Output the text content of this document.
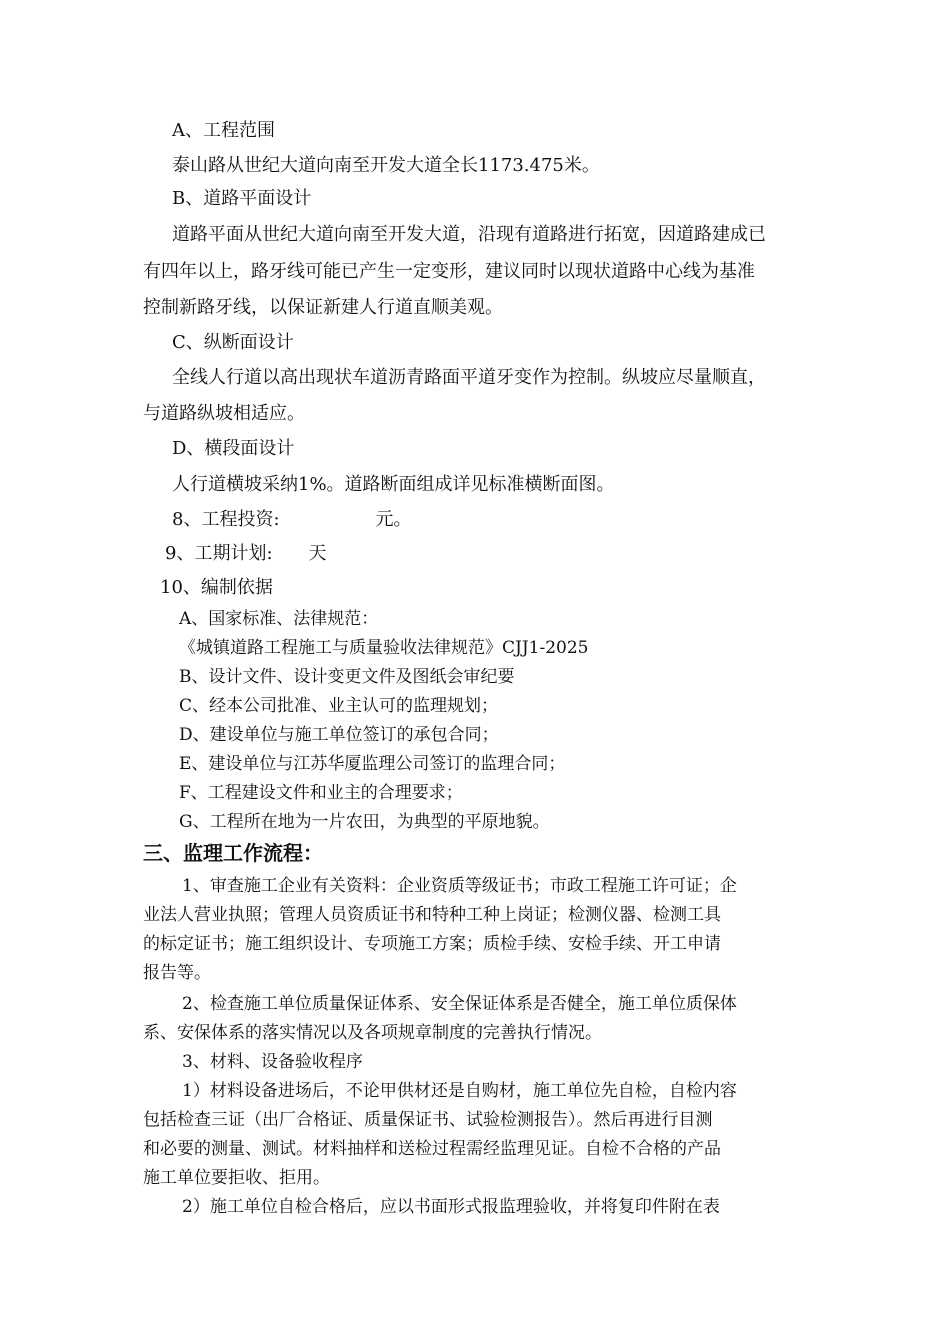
A、工程范围

泰山路从世纪大道向南至开发大道全长1173.475米。

B、道路平面设计

道路平面从世纪大道向南至开发大道，沿现有道路进行拓宽，因道路建成已

有四年以上，路牙线可能已产生一定变形，建议同时以现状道路中心线为基准

控制新路牙线，以保证新建人行道直顺美观。

C、纵断面设计

全线人行道以高出现状车道沥青路面平道牙变作为控制。纵坡应尽量顺直，

与道路纵坡相适应。

D、横段面设计

人行道横坡采纳1%。道路断面组成详见标准横断面图。

8、工程投资:	元。

9、工期计划: 天

10、编制依据

A、国家标准、法律规范：

《城镇道路工程施工与质量验收法律规范》CJJ1-2025

B、设计文件、设计变更文件及图纸会审纪要

C、经本公司批准、业主认可的监理规划；

D、建设单位与施工单位签订的承包合同；

E、建设单位与江苏华厦监理公司签订的监理合同；

F、工程建设文件和业主的合理要求；

G、工程所在地为一片农田，为典型的平原地貌。

三、监理工作流程：

1、审查施工企业有关资料：企业资质等级证书；市政工程施工许可证；企

业法人营业执照；管理人员资质证书和特种工种上岗证；检测仪器、检测工具

的标定证书；施工组织设计、专项施工方案；质检手续、安检手续、开工申请

报告等。

2、检查施工单位质量保证体系、安全保证体系是否健全，施工单位质保体

系、安保体系的落实情况以及各项规章制度的完善执行情况。

3、材料、设备验收程序

1）材料设备进场后，不论甲供材还是自购材，施工单位先自检，自检内容

包括检查三证（出厂合格证、质量保证书、试验检测报告）。然后再进行目测

和必要的测量、测试。材料抽样和送检过程需经监理见证。自检不合格的产品

施工单位要拒收、拒用。

2）施工单位自检合格后，应以书面形式报监理验收，并将复印件附在表
